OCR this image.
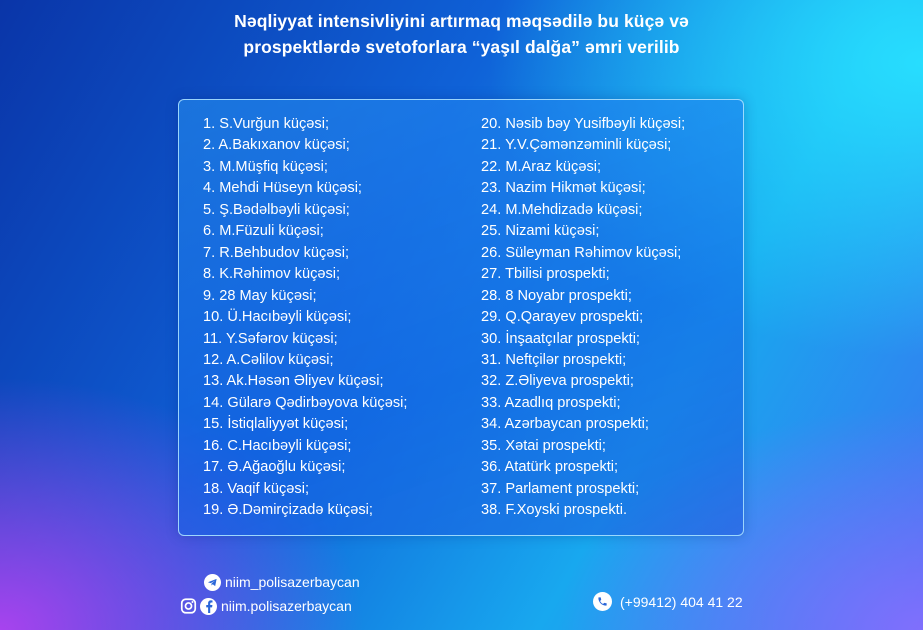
Nəqliyyat intensivliyini artırmaq məqsədilə bu küçə və
prospektlərdə svetoforlara “yaşıl dalğa” əmri verilib
1. S.Vurğun küçəsi;
2. A.Bakıxanov küçəsi;
3. M.Müşfiq küçəsi;
4. Mehdi Hüseyn küçəsi;
5. Ş.Bədəlbəyli küçəsi;
6. M.Füzuli küçəsi;
7. R.Behbudov küçəsi;
8. K.Rəhimov küçəsi;
9. 28 May küçəsi;
10. Ü.Hacıbəyli küçəsi;
11. Y.Səfərov küçəsi;
12. A.Cəlilov küçəsi;
13. Ak.Həsən Əliyev küçəsi;
14. Gülarə Qədirbəyova küçəsi;
15. İstiqlaliyyət küçəsi;
16. C.Hacıbəyli küçəsi;
17. Ə.Ağaoğlu küçəsi;
18. Vaqif küçəsi;
19. Ə.Dəmirçizadə küçəsi;
20. Nəsib bəy Yusifbəyli küçəsi;
21. Y.V.Çəmənzəminli küçəsi;
22. M.Araz küçəsi;
23. Nazim Hikmət küçəsi;
24. M.Mehdizadə küçəsi;
25. Nizami küçəsi;
26. Süleyman Rəhimov küçəsi;
27. Tbilisi prospekti;
28. 8 Noyabr prospekti;
29. Q.Qarayev prospekti;
30. İnşaatçılar prospekti;
31. Neftçilər prospekti;
32. Z.Əliyeva prospekti;
33. Azadlıq prospekti;
34. Azərbaycan prospekti;
35. Xətai prospekti;
36. Atatürk prospekti;
37. Parlament prospekti;
38. F.Xoyski prospekti.
niim_polisazerbaycan
niim.polisazerbaycan	(+99412) 404 41 22
